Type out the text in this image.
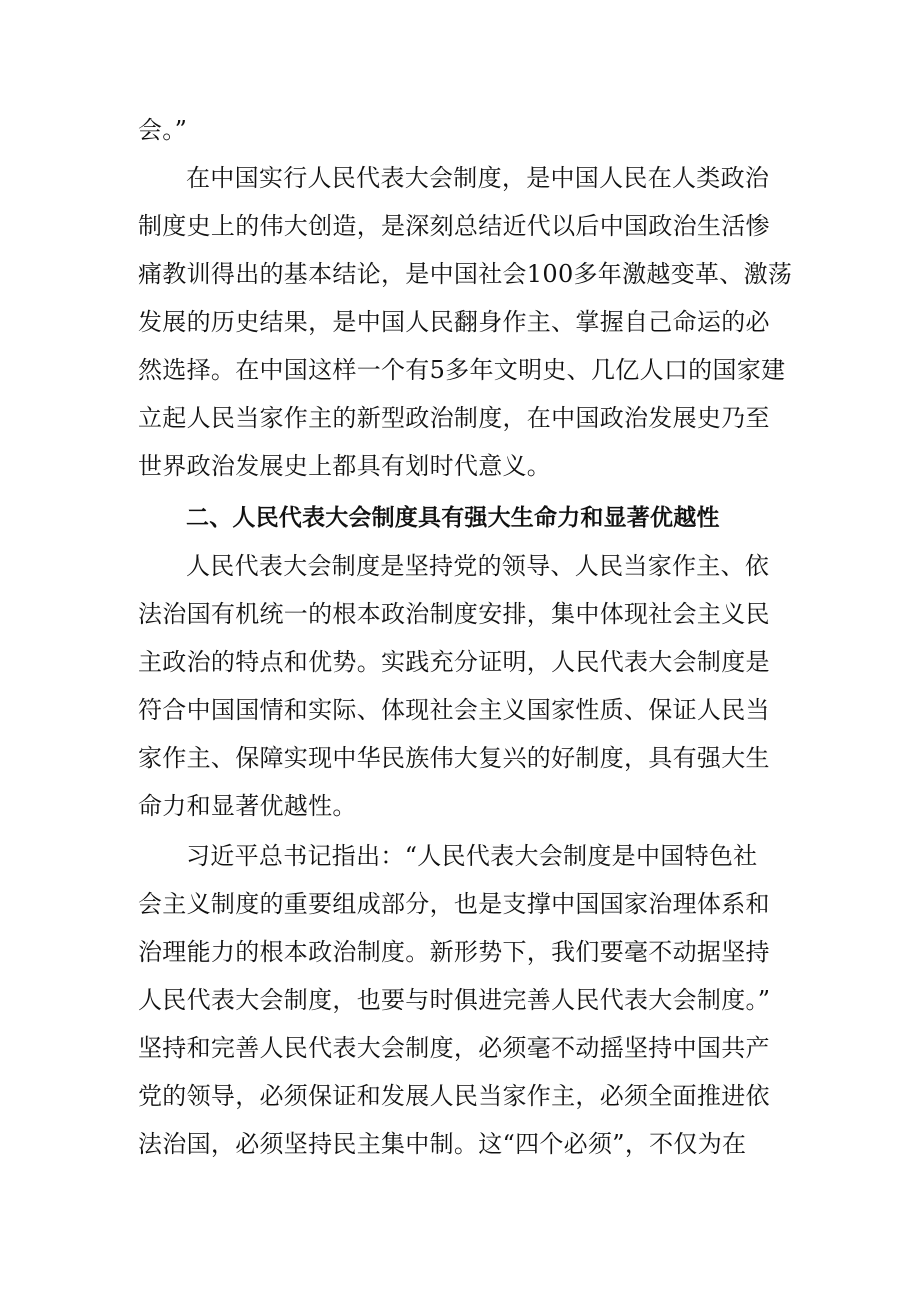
会。”
在中国实行人民代表大会制度，是中国人民在人类政治
制度史上的伟大创造，是深刻总结近代以后中国政治生活惨
痛教训得出的基本结论，是中国社会100多年激越变革、激荡
发展的历史结果，是中国人民翻身作主、掌握自己命运的必
然选择。在中国这样一个有5多年文明史、几亿人口的国家建
立起人民当家作主的新型政治制度，在中国政治发展史乃至
世界政治发展史上都具有划时代意义。
二、人民代表大会制度具有强大生命力和显著优越性
人民代表大会制度是坚持党的领导、人民当家作主、依
法治国有机统一的根本政治制度安排，集中体现社会主义民
主政治的特点和优势。实践充分证明，人民代表大会制度是
符合中国国情和实际、体现社会主义国家性质、保证人民当
家作主、保障实现中华民族伟大复兴的好制度，具有强大生
命力和显著优越性。
习近平总书记指出：“人民代表大会制度是中国特色社
会主义制度的重要组成部分，也是支撑中国国家治理体系和
治理能力的根本政治制度。新形势下，我们要毫不动据坚持
人民代表大会制度，也要与时俱进完善人民代表大会制度。”
坚持和完善人民代表大会制度，必须毫不动摇坚持中国共产
党的领导，必须保证和发展人民当家作主，必须全面推进依
法治国，必须坚持民主集中制。这“四个必须”，不仅为在
